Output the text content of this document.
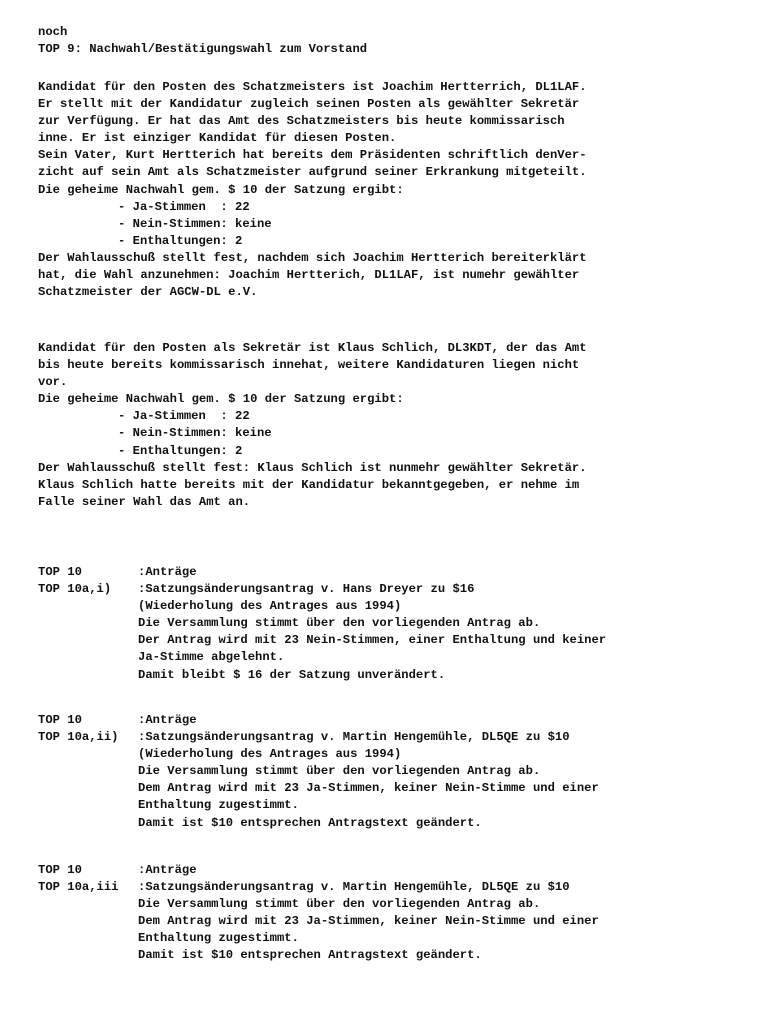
noch
TOP 9: Nachwahl/Bestätigungswahl zum Vorstand
Kandidat für den Posten des Schatzmeisters ist Joachim Hertterrich, DL1LAF.
Er stellt mit der Kandidatur zugleich seinen Posten als gewählter Sekretär
zur Verfügung. Er hat das Amt des Schatzmeisters bis heute kommissarisch
inne. Er ist einziger Kandidat für diesen Posten.
Sein Vater, Kurt Hertterich hat bereits dem Präsidenten schriftlich denVer-
zicht auf sein Amt als Schatzmeister aufgrund seiner Erkrankung mitgeteilt.
Die geheime Nachwahl gem. $ 10 der Satzung ergibt:
- Ja-Stimmen  : 22
- Nein-Stimmen: keine
- Enthaltungen: 2
Der Wahlausschuß stellt fest, nachdem sich Joachim Hertterich bereiterklärt
hat, die Wahl anzunehmen: Joachim Hertterich, DL1LAF, ist numehr gewählter
Schatzmeister der AGCW-DL e.V.
Kandidat für den Posten als Sekretär ist Klaus Schlich, DL3KDT, der das Amt
bis heute bereits kommissarisch innehat, weitere Kandidaturen liegen nicht
vor.
Die geheime Nachwahl gem. $ 10 der Satzung ergibt:
- Ja-Stimmen  : 22
- Nein-Stimmen: keine
- Enthaltungen: 2
Der Wahlausschuß stellt fest: Klaus Schlich ist nunmehr gewählter Sekretär.
Klaus Schlich hatte bereits mit der Kandidatur bekanntgegeben, er nehme im
Falle seiner Wahl das Amt an.
TOP 10	:Anträge
TOP 10a,i)	:Satzungsänderungsantrag v. Hans Dreyer zu $16
(Wiederholung des Antrages aus 1994)
Die Versammlung stimmt über den vorliegenden Antrag ab.
Der Antrag wird mit 23 Nein-Stimmen, einer Enthaltung und keiner
Ja-Stimme abgelehnt.
Damit bleibt $ 16 der Satzung unverändert.
TOP 10	:Anträge
TOP 10a,ii)	:Satzungsänderungsantrag v. Martin Hengemühle, DL5QE zu $10
(Wiederholung des Antrages aus 1994)
Die Versammlung stimmt über den vorliegenden Antrag ab.
Dem Antrag wird mit 23 Ja-Stimmen, keiner Nein-Stimme und einer
Enthaltung zugestimmt.
Damit ist $10 entsprechen Antragstext geändert.
TOP 10	:Anträge
TOP 10a,iii	:Satzungsänderungsantrag v. Martin Hengemühle, DL5QE zu $10
Die Versammlung stimmt über den vorliegenden Antrag ab.
Dem Antrag wird mit 23 Ja-Stimmen, keiner Nein-Stimme und einer
Enthaltung zugestimmt.
Damit ist $10 entsprechen Antragstext geändert.
